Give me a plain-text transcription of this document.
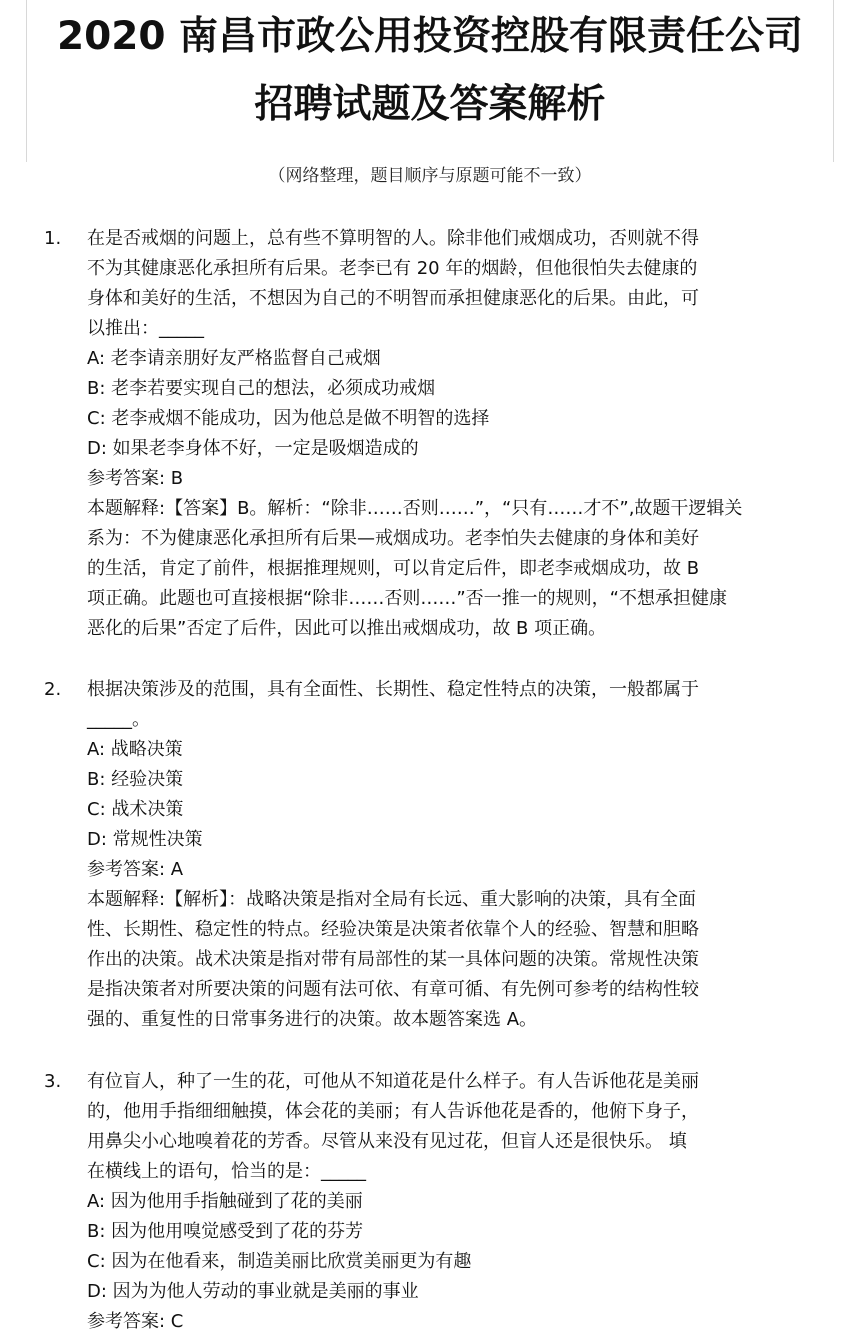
2020 南昌市政公用投资控股有限责任公司
招聘试题及答案解析
（网络整理，题目顺序与原题可能不一致）
1. 在是否戒烟的问题上，总有些不算明智的人。除非他们戒烟成功，否则就不得
不为其健康恶化承担所有后果。老李已有 20 年的烟龄，但他很怕失去健康的
身体和美好的生活，不想因为自己的不明智而承担健康恶化的后果。由此，可
以推出：_____
A: 老李请亲朋好友严格监督自己戒烟
B: 老李若要实现自己的想法，必须成功戒烟
C: 老李戒烟不能成功，因为他总是做不明智的选择
D: 如果老李身体不好，一定是吸烟造成的
参考答案: B
本题解释:【答案】B。解析：“除非……否则……”，“只有……才不”,故题干逻辑关
系为：不为健康恶化承担所有后果—戒烟成功。老李怕失去健康的身体和美好
的生活，肯定了前件，根据推理规则，可以肯定后件，即老李戒烟成功，故 B
项正确。此题也可直接根据“除非……否则……”否一推一的规则，“不想承担健康
恶化的后果”否定了后件，因此可以推出戒烟成功，故 B 项正确。
2. 根据决策涉及的范围，具有全面性、长期性、稳定性特点的决策，一般都属于
_____。
A: 战略决策
B: 经验决策
C: 战术决策
D: 常规性决策
参考答案: A
本题解释:【解析】：战略决策是指对全局有长远、重大影响的决策，具有全面
性、长期性、稳定性的特点。经验决策是决策者依靠个人的经验、智慧和胆略
作出的决策。战术决策是指对带有局部性的某一具体问题的决策。常规性决策
是指决策者对所要决策的问题有法可依、有章可循、有先例可参考的结构性较
强的、重复性的日常事务进行的决策。故本题答案选 A。
3. 有位盲人，种了一生的花，可他从不知道花是什么样子。有人告诉他花是美丽
的，他用手指细细触摸，体会花的美丽；有人告诉他花是香的，他俯下身子，
用鼻尖小心地嗅着花的芳香。尽管从来没有见过花，但盲人还是很快乐。 填
在横线上的语句，恰当的是：_____
A: 因为他用手指触碰到了花的美丽
B: 因为他用嗅觉感受到了花的芬芳
C: 因为在他看来，制造美丽比欣赏美丽更为有趣
D: 因为为他人劳动的事业就是美丽的事业
参考答案: C
